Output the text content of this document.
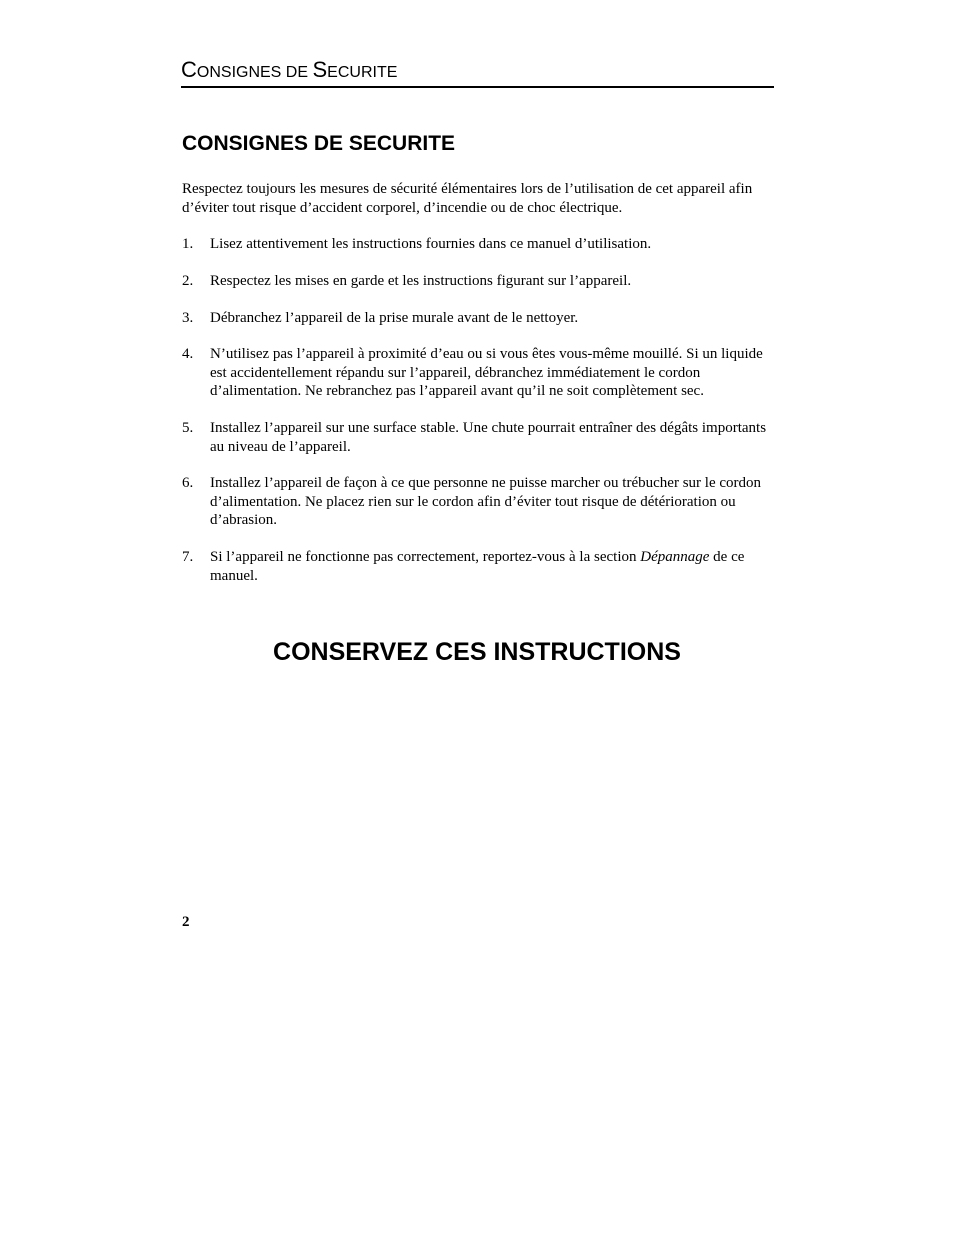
CONSIGNES DE SECURITE
CONSIGNES DE SECURITE

Respectez toujours les mesures de sécurité élémentaires lors de l’utilisation de cet appareil afin d’éviter tout risque d’accident corporel, d’incendie ou de choc électrique.

1. Lisez attentivement les instructions fournies dans ce manuel d’utilisation.
2. Respectez les mises en garde et les instructions figurant sur l’appareil.
3. Débranchez l’appareil de la prise murale avant de le nettoyer.
4. N’utilisez pas l’appareil à proximité d’eau ou si vous êtes vous-même mouillé. Si un liquide est accidentellement répandu sur l’appareil, débranchez immédiatement le cordon d’alimentation. Ne rebranchez pas l’appareil avant qu’il ne soit complètement sec.
5. Installez l’appareil sur une surface stable. Une chute pourrait entraîner des dégâts importants au niveau de l’appareil.
6. Installez l’appareil de façon à ce que personne ne puisse marcher ou trébucher sur le cordon d’alimentation. Ne placez rien sur le cordon afin d’éviter tout risque de détérioration ou d’abrasion.
7. Si l’appareil ne fonctionne pas correctement, reportez-vous à la section Dépannage de ce manuel.
CONSERVEZ CES INSTRUCTIONS
2
